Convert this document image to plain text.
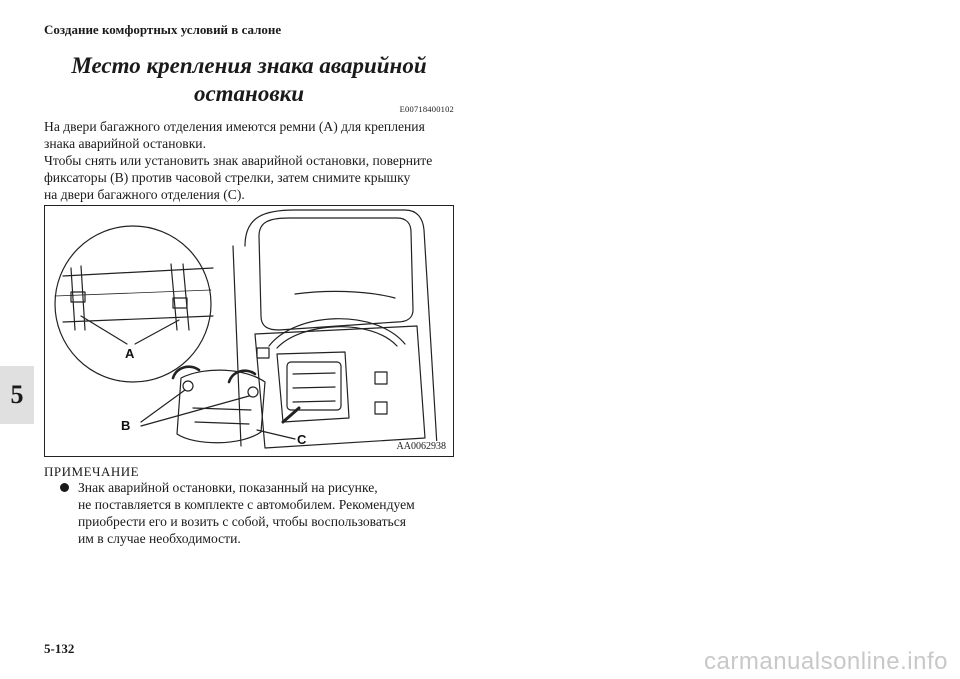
Создание комфортных условий в салоне
Место крепления знака аварийной
остановки
E00718400102

На двери багажного отделения имеются ремни (A) для крепления
знака аварийной остановки.

Чтобы снять или установить знак аварийной остановки, поверните
фиксаторы (B) против часовой стрелки, затем снимите крышку
на двери багажного отделения (C).

A
B
C	AA0062938
ПРИМЕЧАНИЕ

Знак аварийной остановки, показанный на рисунке,
не поставляется в комплекте с автомобилем. Рекомендуем
приобрести его и возить с собой, чтобы воспользоваться
им в случае необходимости.

5
5-132	carmanualsonline.info
